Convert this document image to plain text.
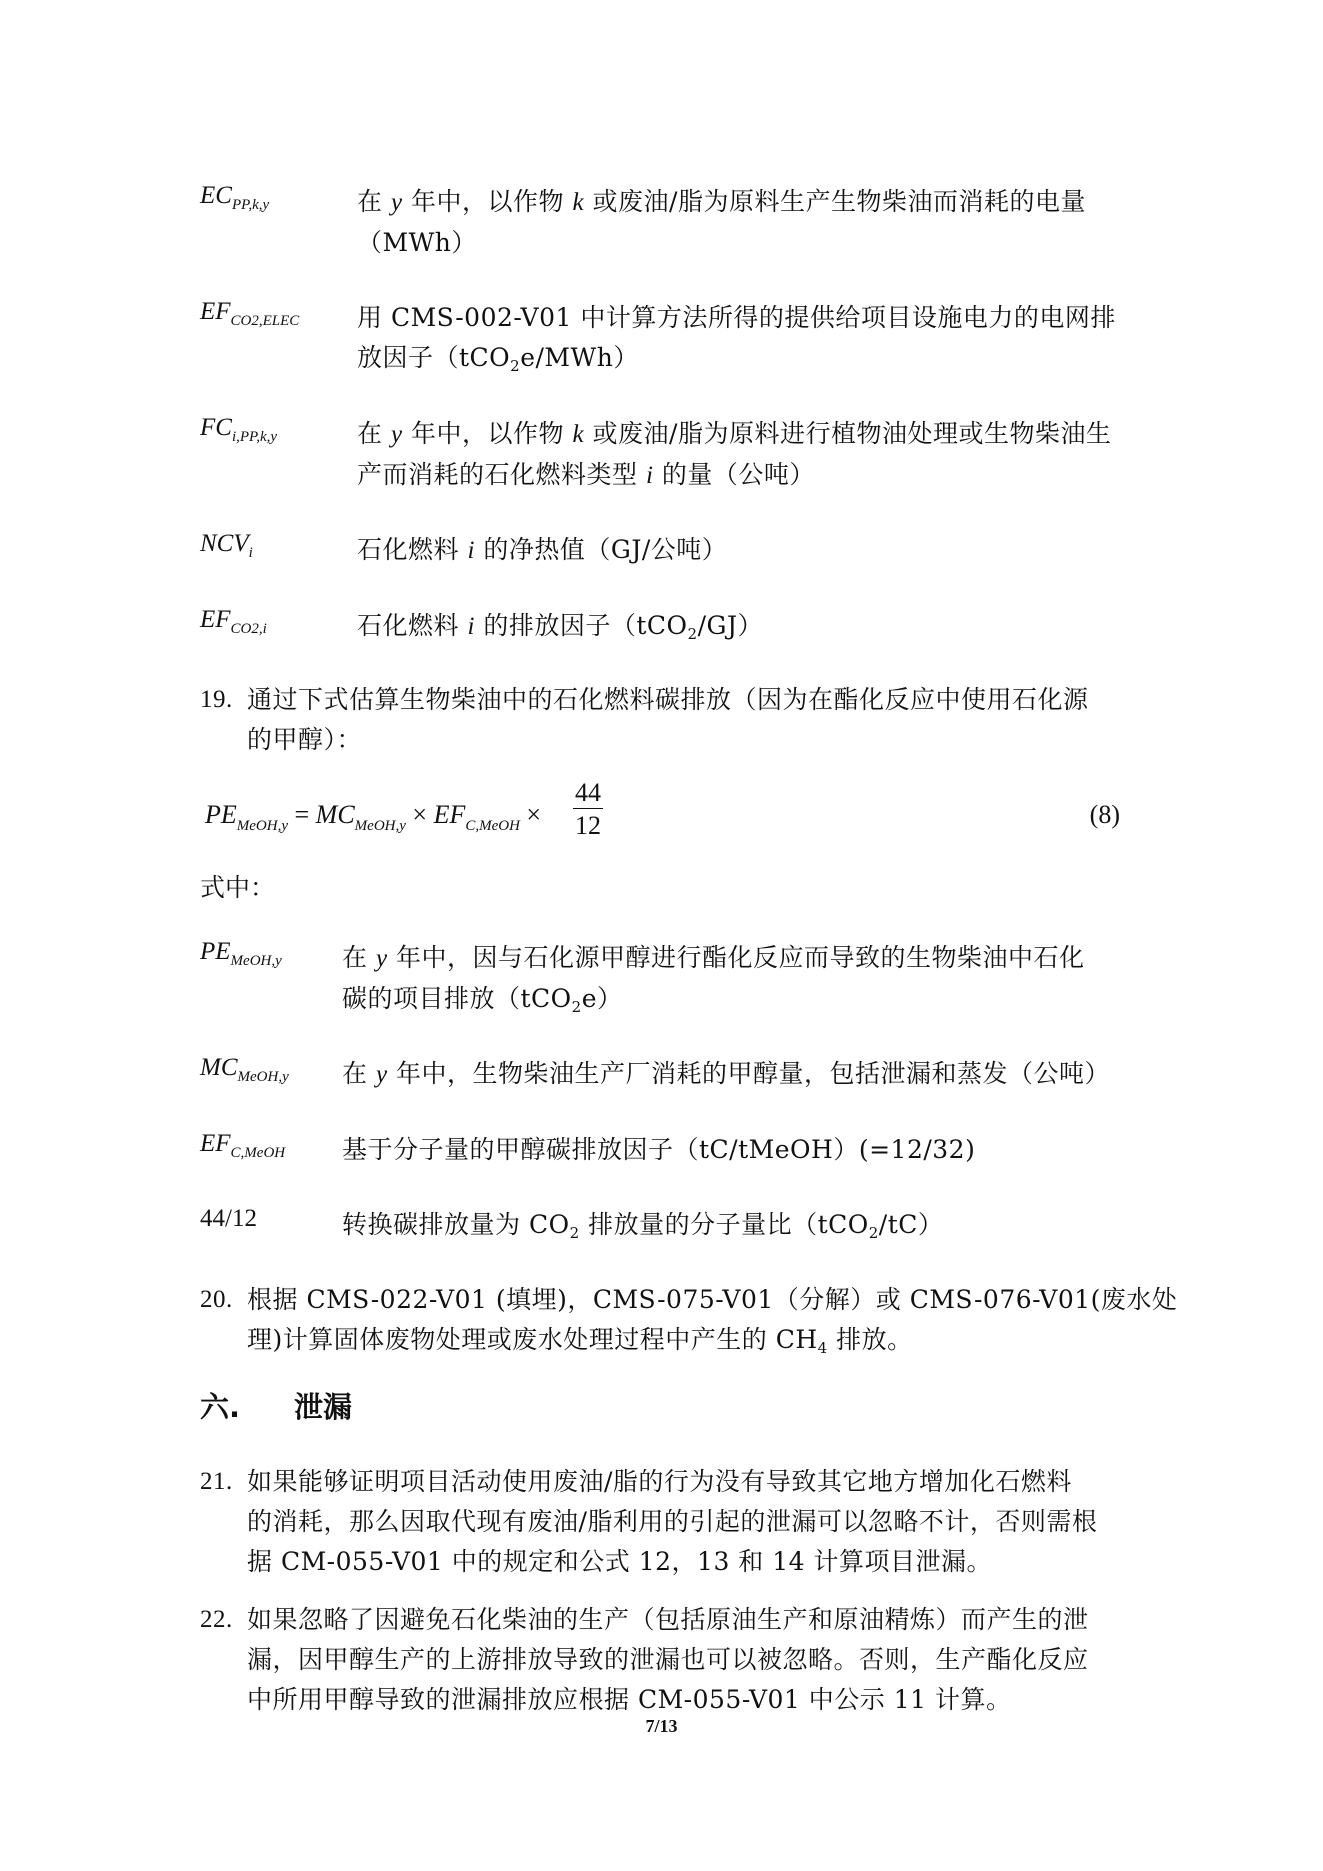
$EC_{PP,k,y}$	在 y 年中，以作物 k 或废油/脂为原料生产生物柴油而消耗的电量
（MWh）
$EF_{CO2,ELEC}$ 用 CMS-002-V01 中计算方法所得的提供给项目设施电力的电网排
放因子（tCO$_2$e/MWh）
$FC_{i,PP,k,y}$	在 y 年中，以作物 k 或废油/脂为原料进行植物油处理或生物柴油生
产而消耗的石化燃料类型 i 的量（公吨）
$NCV_i$	石化燃料 i 的净热值（GJ/公吨）
$EF_{CO2,i}$	石化燃料 i 的排放因子（tCO$_2$/GJ）
19. 通过下式估算生物柴油中的石化燃料碳排放（因为在酯化反应中使用石化源
的甲醇）：
$PE_{MeOH,y} = MC_{MeOH,y} \times EF_{C,MeOH} \times \frac{44}{12}$	(8)
式中：
$PE_{MeOH,y}$ 在 y 年中，因与石化源甲醇进行酯化反应而导致的生物柴油中石化
碳的项目排放（tCO$_2$e）
$MC_{MeOH,y}$ 在 y 年中，生物柴油生产厂消耗的甲醇量，包括泄漏和蒸发（公吨）
$EF_{C,MeOH}$ 基于分子量的甲醇碳排放因子（tC/tMeOH）(=12/32)
44/12	转换碳排放量为 $CO_2$ 排放量的分子量比（tCO$_2$/tC）
20. 根据 CMS-022-V01 (填埋)，CMS-075-V01（分解）或 CMS-076-V01(废水处
理)计算固体废物处理或废水处理过程中产生的 $CH_4$ 排放。
六. 泄漏
21. 如果能够证明项目活动使用废油/脂的行为没有导致其它地方增加化石燃料
的消耗，那么因取代现有废油/脂利用的引起的泄漏可以忽略不计，否则需根
据 CM-055-V01 中的规定和公式 12，13 和 14 计算项目泄漏。
22. 如果忽略了因避免石化柴油的生产（包括原油生产和原油精炼）而产生的泄
漏，因甲醇生产的上游排放导致的泄漏也可以被忽略。否则，生产酯化反应
中所用甲醇导致的泄漏排放应根据 CM-055-V01 中公示 11 计算。
7/13
